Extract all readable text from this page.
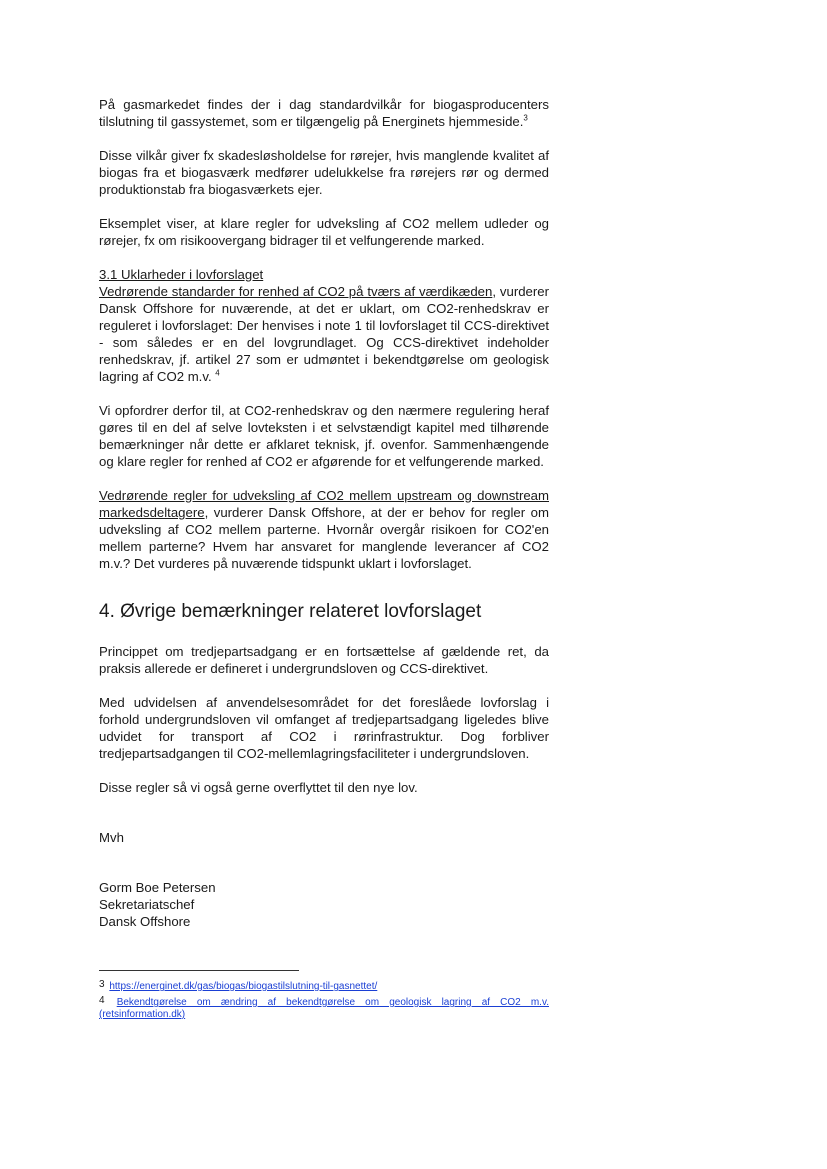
På gasmarkedet findes der i dag standardvilkår for biogasproducenters tilslutning til gassystemet, som er tilgængelig på Energinets hjemmeside.$^3$

Disse vilkår giver fx skadesløsholdelse for rørejer, hvis manglende kvalitet af biogas fra et biogasværk medfører udelukkelse fra rørejers rør og dermed produktionstab fra biogasværkets ejer.

Eksemplet viser, at klare regler for udveksling af CO2 mellem udleder og rørejer, fx om risikoovergang bidrager til et velfungerende marked.

3.1 Uklarheder i lovforslaget

Vedrørende standarder for renhed af CO2 på tværs af værdikæden, vurderer Dansk Offshore for nuværende, at det er uklart, om CO2-renhedskrav er reguleret i lovforslaget: Der henvises i note 1 til lovforslaget til CCS-direktivet - som således er en del lovgrundlaget. Og CCS-direktivet indeholder renhedskrav, jf. artikel 27 som er udmøntet i bekendtgørelse om geologisk lagring af CO2 m.v. $^4$

Vi opfordrer derfor til, at CO2-renhedskrav og den nærmere regulering heraf gøres til en del af selve lovteksten i et selvstændigt kapitel med tilhørende bemærkninger når dette er afklaret teknisk, jf. ovenfor. Sammenhængende og klare regler for renhed af CO2 er afgørende for et velfungerende marked.

Vedrørende regler for udveksling af CO2 mellem upstream og downstream markedsdeltagere, vurderer Dansk Offshore, at der er behov for regler om udveksling af CO2 mellem parterne. Hvornår overgår risikoen for CO2'en mellem parterne? Hvem har ansvaret for manglende leverancer af CO2 m.v.? Det vurderes på nuværende tidspunkt uklart i lovforslaget.

4. Øvrige bemærkninger relateret lovforslaget

Princippet om tredjepartsadgang er en fortsættelse af gældende ret, da praksis allerede er defineret i undergrundsloven og CCS-direktivet.

Med udvidelsen af anvendelsesområdet for det foreslåede lovforslag i forhold undergrundsloven vil omfanget af tredjepartsadgang ligeledes blive udvidet for transport af CO2 i rørinfrastruktur. Dog forbliver tredjepartsadgangen til CO2-mellemlagringsfaciliteter i undergrundsloven.

Disse regler så vi også gerne overflyttet til den nye lov.

Mvh

Gorm Boe Petersen

Sekretariatschef

Dansk Offshore

3 https://energinet.dk/gas/biogas/biogastilslutning-til-gasnettet/

4 Bekendtgørelse om ændring af bekendtgørelse om geologisk lagring af CO2 m.v. (retsinformation.dk)
